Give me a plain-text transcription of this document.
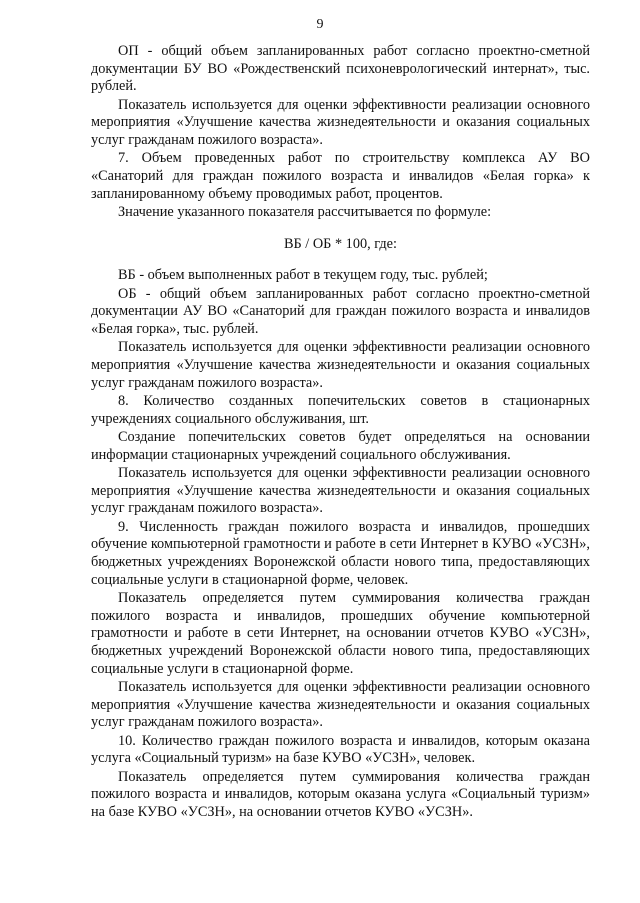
9

ОП - общий объем запланированных работ согласно проектно-сметной документации БУ ВО «Рождественский психоневрологический интернат», тыс. рублей.

Показатель используется для оценки эффективности реализации основного мероприятия «Улучшение качества жизнедеятельности и оказания социальных услуг гражданам пожилого возраста».

7. Объем проведенных работ по строительству комплекса АУ ВО «Санаторий для граждан пожилого возраста и инвалидов «Белая горка» к запланированному объему проводимых работ, процентов.

Значение указанного показателя рассчитывается по формуле:

ВБ / ОБ * 100, где:

ВБ - объем выполненных работ в текущем году, тыс. рублей;

ОБ - общий объем запланированных работ согласно проектно-сметной документации АУ ВО «Санаторий для граждан пожилого возраста и инвалидов «Белая горка», тыс. рублей.

Показатель используется для оценки эффективности реализации основного мероприятия «Улучшение качества жизнедеятельности и оказания социальных услуг гражданам пожилого возраста».

8. Количество созданных попечительских советов в стационарных учреждениях социального обслуживания, шт.

Создание попечительских советов будет определяться на основании информации стационарных учреждений социального обслуживания.

Показатель используется для оценки эффективности реализации основного мероприятия «Улучшение качества жизнедеятельности и оказания социальных услуг гражданам пожилого возраста».

9. Численность граждан пожилого возраста и инвалидов, прошедших обучение компьютерной грамотности и работе в сети Интернет в КУВО «УСЗН», бюджетных учреждениях Воронежской области нового типа, предоставляющих социальные услуги в стационарной форме, человек.

Показатель определяется путем суммирования количества граждан пожилого возраста и инвалидов, прошедших обучение компьютерной грамотности и работе в сети Интернет, на основании отчетов КУВО «УСЗН», бюджетных учреждений Воронежской области нового типа, предоставляющих социальные услуги в стационарной форме.

Показатель используется для оценки эффективности реализации основного мероприятия «Улучшение качества жизнедеятельности и оказания социальных услуг гражданам пожилого возраста».

10. Количество граждан пожилого возраста и инвалидов, которым оказана услуга «Социальный туризм» на базе КУВО «УСЗН», человек.

Показатель определяется путем суммирования количества граждан пожилого возраста и инвалидов, которым оказана услуга «Социальный туризм» на базе КУВО «УСЗН», на основании отчетов КУВО «УСЗН».
